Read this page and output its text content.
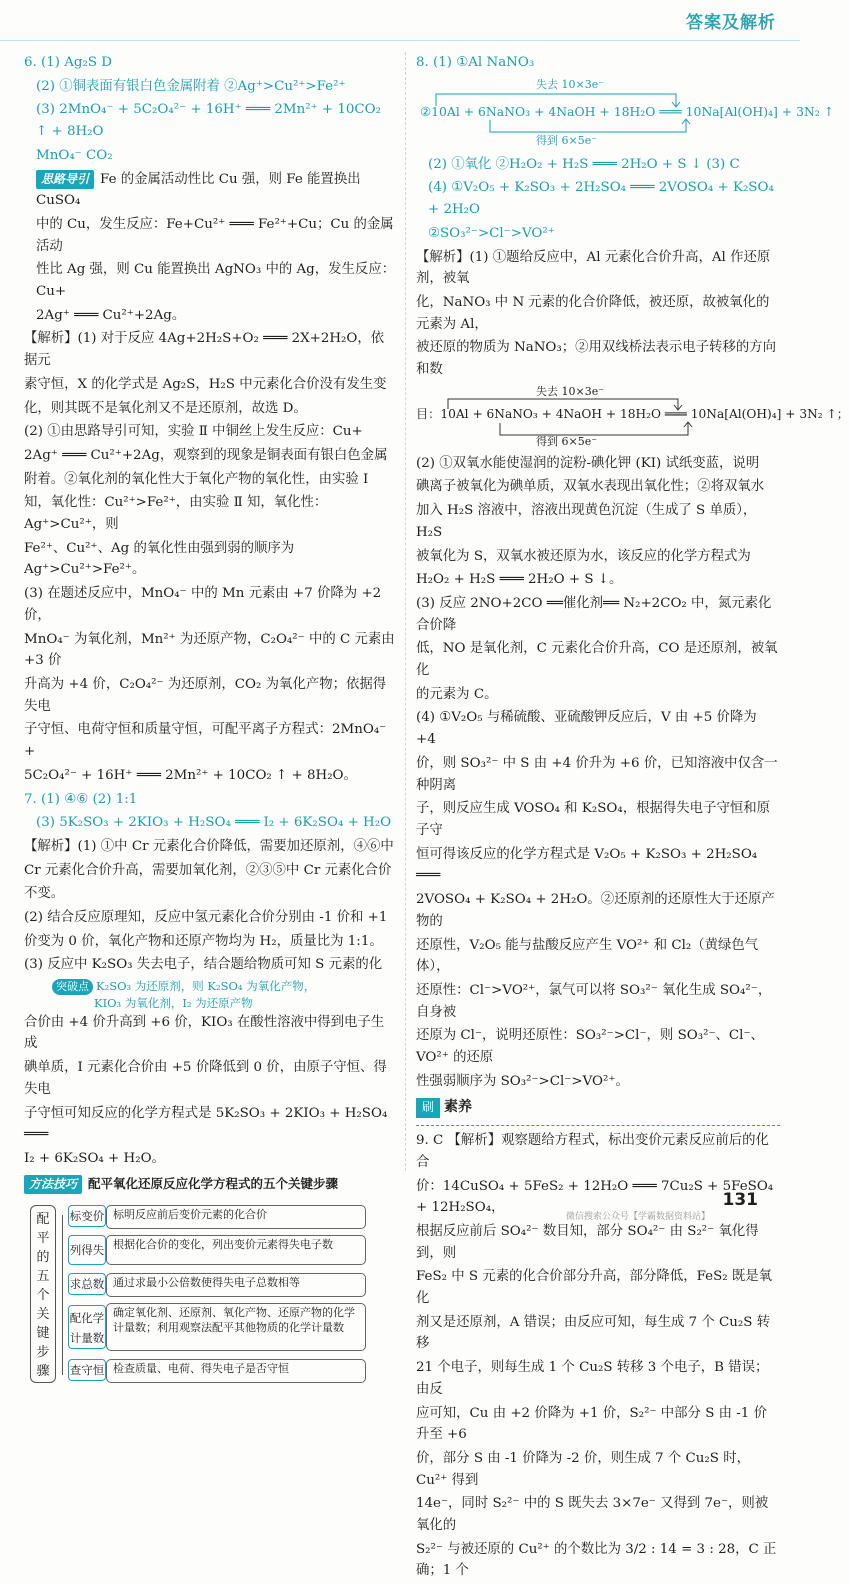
答案及解析

6. (1) Ag₂S D

(2) ①铜表面有银白色金属附着 ②Ag⁺>Cu²⁺>Fe²⁺

(3) 2MnO₄⁻ + 5C₂O₄²⁻ + 16H⁺ ═══ 2Mn²⁺ + 10CO₂ ↑ + 8H₂O

MnO₄⁻ CO₂

思路导引 Fe 的金属活动性比 Cu 强，则 Fe 能置换出 CuSO₄

中的 Cu，发生反应：Fe+Cu²⁺ ═══ Fe²⁺+Cu；Cu 的金属活动

性比 Ag 强，则 Cu 能置换出 AgNO₃ 中的 Ag，发生反应：Cu+

2Ag⁺ ═══ Cu²⁺+2Ag。

【解析】(1) 对于反应 4Ag+2H₂S+O₂ ═══ 2X+2H₂O，依据元

素守恒，X 的化学式是 Ag₂S，H₂S 中元素化合价没有发生变

化，则其既不是氧化剂又不是还原剂，故选 D。

(2) ①由思路导引可知，实验 Ⅱ 中铜丝上发生反应：Cu+

2Ag⁺ ═══ Cu²⁺+2Ag，观察到的现象是铜表面有银白色金属

附着。②氧化剂的氧化性大于氧化产物的氧化性，由实验 Ⅰ

知，氧化性：Cu²⁺>Fe²⁺，由实验 Ⅱ 知，氧化性：Ag⁺>Cu²⁺，则

Fe²⁺、Cu²⁺、Ag 的氧化性由强到弱的顺序为 Ag⁺>Cu²⁺>Fe²⁺。

(3) 在题述反应中，MnO₄⁻ 中的 Mn 元素由 +7 价降为 +2 价，

MnO₄⁻ 为氧化剂，Mn²⁺ 为还原产物，C₂O₄²⁻ 中的 C 元素由 +3 价

升高为 +4 价，C₂O₄²⁻ 为还原剂，CO₂ 为氧化产物；依据得失电

子守恒、电荷守恒和质量守恒，可配平离子方程式：2MnO₄⁻ +

5C₂O₄²⁻ + 16H⁺ ═══ 2Mn²⁺ + 10CO₂ ↑ + 8H₂O。

7. (1) ④⑥ (2) 1:1

(3) 5K₂SO₃ + 2KIO₃ + H₂SO₄ ═══ I₂ + 6K₂SO₄ + H₂O

【解析】(1) ①中 Cr 元素化合价降低，需要加还原剂，④⑥中

Cr 元素化合价升高，需要加氧化剂，②③⑤中 Cr 元素化合价

不变。

(2) 结合反应原理知，反应中氢元素化合价分别由 -1 价和 +1

价变为 0 价，氧化产物和还原产物均为 H₂，质量比为 1:1。

(3) 反应中 K₂SO₃ 失去电子，结合题给物质可知 S 元素的化

突破点 K₂SO₃ 为还原剂，则 K₂SO₄ 为氧化产物，
KIO₃ 为氧化剂，I₂ 为还原产物

合价由 +4 价升高到 +6 价，KIO₃ 在酸性溶液中得到电子生成

碘单质，I 元素化合价由 +5 价降低到 0 价，由原子守恒、得失电

子守恒可知反应的化学方程式是 5K₂SO₃ + 2KIO₃ + H₂SO₄ ═══

I₂ + 6K₂SO₄ + H₂O。

方法技巧 配平氧化还原反应化学方程式的五个关键步骤
配平的五个关键步骤
标变价 标明反应前后变价元素的化合价
列得失 根据化合价的变化，列出变价元素得失电子数
求总数 通过求最小公倍数使得失电子总数相等
配化学计量数
确定氧化剂、还原剂、氧化产物、还原产物的化学计量数；利用观察法配平其他物质的化学计量数
查守恒 检查质量、电荷、得失电子是否守恒

8. (1) ①Al NaNO₃

失去 10×3e⁻
②10Al + 6NaNO₃ + 4NaOH + 18H₂O ═══ 10Na[Al(OH)₄] + 3N₂ ↑
得到 6×5e⁻

(2) ①氧化 ②H₂O₂ + H₂S ═══ 2H₂O + S ↓ (3) C

(4) ①V₂O₅ + K₂SO₃ + 2H₂SO₄ ═══ 2VOSO₄ + K₂SO₄ + 2H₂O

②SO₃²⁻>Cl⁻>VO²⁺

【解析】(1) ①题给反应中，Al 元素化合价升高，Al 作还原剂，被氧

化，NaNO₃ 中 N 元素的化合价降低，被还原，故被氧化的元素为 Al，

被还原的物质为 NaNO₃；②用双线桥法表示电子转移的方向和数

失去 10×3e⁻
目：10Al + 6NaNO₃ + 4NaOH + 18H₂O ═══ 10Na[Al(OH)₄] + 3N₂ ↑；
得到 6×5e⁻

(2) ①双氧水能使湿润的淀粉-碘化钾 (KI) 试纸变蓝，说明

碘离子被氧化为碘单质，双氧水表现出氧化性；②将双氧水

加入 H₂S 溶液中，溶液出现黄色沉淀（生成了 S 单质），H₂S

被氧化为 S，双氧水被还原为水，该反应的化学方程式为

H₂O₂ + H₂S ═══ 2H₂O + S ↓。

(3) 反应 2NO+2CO ══催化剂══ N₂+2CO₂ 中，氮元素化合价降

低，NO 是氧化剂，C 元素化合价升高，CO 是还原剂，被氧化

的元素为 C。

(4) ①V₂O₅ 与稀硫酸、亚硫酸钾反应后，V 由 +5 价降为 +4

价，则 SO₃²⁻ 中 S 由 +4 价升为 +6 价，已知溶液中仅含一种阴离

子，则反应生成 VOSO₄ 和 K₂SO₄，根据得失电子守恒和原子守

恒可得该反应的化学方程式是 V₂O₅ + K₂SO₃ + 2H₂SO₄ ═══

2VOSO₄ + K₂SO₄ + 2H₂O。②还原剂的还原性大于还原产物的

还原性，V₂O₅ 能与盐酸反应产生 VO²⁺ 和 Cl₂（黄绿色气体），

还原性：Cl⁻>VO²⁺，氯气可以将 SO₃²⁻ 氧化生成 SO₄²⁻，自身被

还原为 Cl⁻，说明还原性：SO₃²⁻>Cl⁻，则 SO₃²⁻、Cl⁻、VO²⁺ 的还原

性强弱顺序为 SO₃²⁻>Cl⁻>VO²⁺。

刷 素养

9. C 【解析】观察题给方程式，标出变价元素反应前后的化合

价：14CuSO₄ + 5FeS₂ + 12H₂O ═══ 7Cu₂S + 5FeSO₄ + 12H₂SO₄，

根据反应前后 SO₄²⁻ 数目知，部分 SO₄²⁻ 由 S₂²⁻ 氧化得到，则

FeS₂ 中 S 元素的化合价部分升高，部分降低，FeS₂ 既是氧化

剂又是还原剂，A 错误；由反应可知，每生成 7 个 Cu₂S 转移

21 个电子，则每生成 1 个 Cu₂S 转移 3 个电子，B 错误；由反

应可知，Cu 由 +2 价降为 +1 价，S₂²⁻ 中部分 S 由 -1 价升至 +6

价，部分 S 由 -1 价降为 -2 价，则生成 7 个 Cu₂S 时，Cu²⁺ 得到

14e⁻，同时 S₂²⁻ 中的 S 既失去 3×7e⁻ 又得到 7e⁻，则被氧化的

S₂²⁻ 与被还原的 Cu²⁺ 的个数比为 3/2 : 14 = 3 : 28，C 正确；1 个

微信搜索公众号【学霸数据资料站】
131
